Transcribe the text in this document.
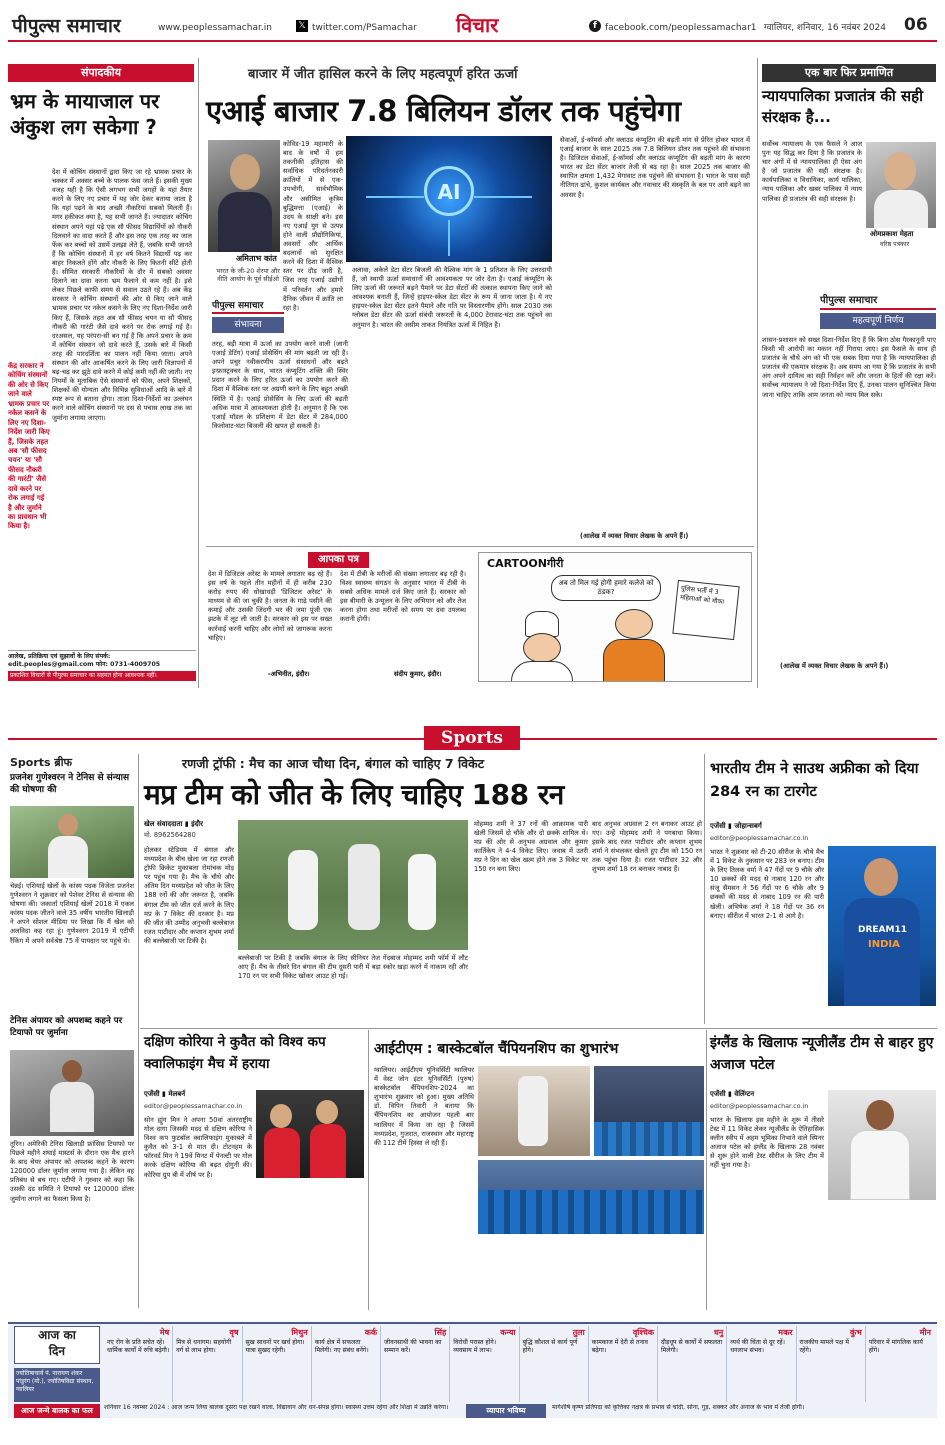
पीपुल्स समाचार	www.peoplessamachar.in	𝕏 twitter.com/PSamachar विचार	f facebook.com/peoplessamachar1 ग्वालियर, शनिवार, 16 नवंबर 2024 06
संपादकीय
भ्रम के मायाजाल पर अंकुश लग सकेगा ?
देश में कोचिंग संस्थानों द्वारा किए जा रहे भ्रामक प्रचार के चक्कर में अक्सर बच्चे के पालक फंस जाते हैं। इसकी मुख्य वजह यही है कि ऐसी लगभग सभी जगहों के यहां तैयार करने के लिए नए प्रचार में यह जोर देकर बताया जाता है कि यहां पढ़ने के बाद अच्छी नौकरियां सबको मिलती हैं। मगर हकीकत क्या है, यह सभी जानते हैं। ज्यादातर कोचिंग संस्थान अपने यहां पढ़े एक सौ फीसद विद्यार्थियों को नौकरी दिलवाने का वादा करते हैं और इस तरह एक तरह का जाल फेंक कर बच्चों को उसमें उलझा लेते हैं, जबकि सभी जानते हैं कि कोचिंग संस्थानों में हर वर्ष कितने विद्यार्थी पढ़ कर बाहर निकलते होंगे और नौकरी के लिए कितनी सीटें होती हैं। सीमित सरकारी नौकरियों के दौर में सबको अवसर दिलाने का दावा करना भ्रम फैलाने से कम नहीं है। इसे लेकर पिछले काफी समय से सवाल उठते रहे हैं। अब केंद्र सरकार ने कोचिंग संस्थानों की ओर से किए जाने वाले भ्रामक प्रचार पर नकेल कसने के लिए नए दिशा-निर्देश जारी किए हैं, जिसके तहत अब सौ फीसद चयन या सौ फीसद नौकरी की गारंटी जैसे दावे करने पर रोक लगाई गई है। दरअसल, यह परंपरा-सी बन गई है कि अपने प्रचार के क्रम में कोचिंग संस्थान जो दावे करते हैं, उसके बारे में किसी तरह की पारदर्शिता का पालन नहीं किया जाता। अपने संस्थान की ओर आकर्षित करने के लिए जारी विज्ञापनों में बढ़-चढ़ कर झूठे दावे करने में कोई कमी नहीं की जाती। नए नियमों के मुताबिक ऐसे संस्थानों को फीस, अपने शिक्षकों, शिक्षकों की योग्यता और विभिन्न सुविधाओं आदि के बारे में स्पष्ट रूप से बताना होगा। ताजा दिशा-निर्देशों का उल्लंघन करने वाले कोचिंग संस्थानों पर दस से पचास लाख तक का जुर्माना लगाया जाएगा।
केंद्र सरकार ने कोचिंग संस्थानों की ओर से किए जाने वाले भ्रामक प्रचार पर नकेल कसने के लिए नए दिशा-निर्देश जारी किए हैं, जिसके तहत अब 'सौ फीसद चयन' या 'सौ फीसद नौकरी की गारंटी' जैसे दावे करने पर रोक लगाई गई है और जुर्माने का प्रावधान भी किया है।
आलेख, प्रतिक्रिया एवं सुझावों के लिए संपर्क: edit.peoples@gmail.com फोन: 0731-4009705
प्रकाशित विचारों से पीपुल्स समाचार का सहमत होना आवश्यक नहीं।
बाजार में जीत हासिल करने के लिए महत्वपूर्ण हरित ऊर्जा
एआई बाजार 7.8 बिलियन डॉलर तक पहुंचेगा
अमिताभ कांत
भारत के जी-20 शेरपा और नीति आयोग के पूर्व सीईओ
कोविड-19 महामारी के बाद के वर्षों में हम तकनीकी इतिहास की सर्वाधिक परिवर्तनकारी क्रांतियों में से एक- उपभोगी, सार्वभौमिक और असीमित कृत्रिम बुद्धिमत्ता (एआई) के उदय के साक्षी बने। इस नए एआई युग से उत्पन्न होने वाली प्रौद्योगिकियां, अवसरों और आर्थिक बदलावों को सुरक्षित करने की दिशा में वैश्विक स्तर पर दौड़ जारी है, जिस तरह एआई उद्योगों में परिवर्तन और हमारे दैनिक जीवन में क्रांति ला रहा है।
AI
पीपुल्स समाचार
संभावना
तरह, बड़ी मात्रा में ऊर्जा का उपयोग करने वाली (जानी एआई डेटिंग) एआई प्रोसेसिंग की मांग बढ़ती जा रही है। अपने प्रचुर नवीकरणीय ऊर्जा संसाधनों और बढ़ते इन्फ्रास्ट्रक्चर के साथ, भारत कंप्यूटिंग शक्ति की स्थिर प्रदान करने के लिए हरित ऊर्जा का उपयोग करने की दिशा में वैश्विक स्तर पर अग्रणी बनने के लिए बहुत अच्छी स्थिति में है। एआई प्रोसेसिंग के लिए ऊर्जा की बढ़ती अधिक मात्रा में आवश्यकता होती है। अनुमान है कि एक एआई मॉडल के प्रशिक्षण में डेटा सेंटर में 284,000 किलोवाट-घंटा बिजली की खपत हो सकती है।
अलावा, अकेले डेटा सेंटर बिजली की वैश्विक मांग के 1 प्रतिशत के लिए उत्तरदायी हैं, जो स्थायी ऊर्जा समाधानों की आवश्यकता पर जोर देता है। एआई कंप्यूटिंग के लिए ऊर्जा की जरूरतें बढ़ने पैमाने पर डेटा सेंटरों की तत्काल स्थापना किए जाने को आवश्यक बनाती हैं, जिन्हें हाइपर-स्केल डेटा सेंटर के रूप में जाना जाता है। ये नए हाइपर-स्केल डेटा सेंटर इतने पैमाने और गति पर विस्तारणीय होंगे। साल 2030 तक ग्लोबल डेटा सेंटर की ऊर्जा संबंधी जरूरतों के 4,000 टेरावाट-घंटा तक पहुंचने का अनुमान है। भारत की असीम ताकत नियंत्रित ऊर्जा में निहित है।
सेवाओं, ई-कॉमर्स और क्लाउड कंप्यूटिंग की बढ़ती मांग से प्रेरित होकर भारत में एआई बाजार के साल 2025 तक 7.8 बिलियन डॉलर तक पहुंचने की संभावना है। डिजिटल सेवाओं, ई-कॉमर्स और क्लाउड कंप्यूटिंग की बढ़ती मांग के कारण भारत का डेटा सेंटर बाजार तेजी से बढ़ रहा है। साल 2025 तक बाजार की स्थापित क्षमता 1,432 मेगावाट तक पहुंचने की संभावना है। भारत के पास सही नीतिगत ढांचे, कुशल कार्यबल और नवाचार की संस्कृति के बल पर आगे बढ़ने का अवसर है।
(आलेख में व्यक्त विचार लेखक के अपने हैं।)
आपका पत्र
देश में डिजिटल अरेस्ट के मामले लगातार बढ़ रहे हैं। इस वर्ष के पहले तीन महीनों में ही करीब 230 करोड़ रुपए की धोखाधड़ी 'डिजिटल अरेस्ट' के माध्यम से की जा चुकी है। जनता के गाढ़े पसीने की कमाई और उसकी जिंदगी भर की जमा पूंजी एक झटके में लूट ली जाती है। सरकार को इस पर सख्त कार्रवाई करनी चाहिए और लोगों को जागरूक करना चाहिए।
-अभिनीत, इंदौर।
देश में टीबी के मरीजों की संख्या लगातार बढ़ रही है। विश्व स्वास्थ्य संगठन के अनुसार भारत में टीबी के सबसे अधिक मामले दर्ज किए जाते हैं। सरकार को इस बीमारी के उन्मूलन के लिए अभियान को और तेज करना होगा तथा मरीजों को समय पर दवा उपलब्ध करानी होगी।
संदीप कुमार, इंदौर।
CARTOONगीरी
अब तो मिल गई होगी हमारे कलेजे को ठंडक?	पुलिस भर्ती में 3 महिलाओं को मौका
एक बार फिर प्रमाणित
न्यायपालिका प्रजातंत्र की सही संरक्षक है...
सर्वोच्च न्यायालय के एक फैसले ने आज पुनः यह सिद्ध कर दिया है कि प्रजातंत्र के चार अंगों में से न्यायपालिका ही ऐसा अंग है जो प्रजातंत्र की सही संरक्षक है। कार्यपालिका व विधायिका, कार्य पालिका, न्याय पालिका और खबर पालिका में न्याय पालिका ही प्रजातंत्र की सही संरक्षक है।
ओमप्रकाश मेहता
वरिष्ठ पत्रकार
पीपुल्स समाचार
महत्वपूर्ण निर्णय
शासन-प्रशासन को सख्त दिशा-निर्देश दिए हैं कि बिना ठोस गैरकानूनी पाए किसी भी आरोपी का मकान नहीं गिराया जाए। इस फैसले के साथ ही प्रजातंत्र के चौथे अंग को भी एक सबक दिया गया है कि न्यायपालिका ही प्रजातंत्र की एकमात्र संरक्षक है। अब समय आ गया है कि प्रजातंत्र के सभी अंग अपने दायित्व का सही निर्वहन करें और जनता के हितों की रक्षा करें। सर्वोच्च न्यायालय ने जो दिशा-निर्देश दिए हैं, उनका पालन सुनिश्चित किया जाना चाहिए ताकि आम जनता को न्याय मिल सके।
(आलेख में व्यक्त विचार लेखक के अपने हैं।)
Sports
Sports ब्रीफ
प्रजनेश गुणेश्वरन ने टेनिस से संन्यास की घोषणा की
चेन्नई। एशियाई खेलों के कांस्य पदक विजेता प्रजनेश गुणेश्वरन ने शुक्रवार को पेशेवर टेनिस से संन्यास की घोषणा की। जकार्ता एशियाई खेलों 2018 में एकल कांस्य पदक जीतने वाले 35 वर्षीय भारतीय खिलाड़ी ने अपने सोशल मीडिया पर लिखा कि मैं खेल को अलविदा कह रहा हूं। गुणेश्वरन 2019 में एटीपी रैंकिंग में अपने सर्वश्रेष्ठ 75 वें पायदान पर पहुंचे थे।
टेनिस अंपायर को अपशब्द कहने पर टियाफो पर जुर्माना
तूरिन। अमेरिकी टेनिस खिलाड़ी फ्रांसिस टियाफो पर पिछले महीने शंघाई मास्टर्स के दौरान एक मैच हारने के बाद चेयर अंपायर को अपशब्द कहने के कारण 120000 डॉलर जुर्माना लगाया गया है। लेकिन वह प्रतिबंध से बच गए। एटीपी ने गुरुवार को कहा कि उसकी दंड समिति ने टियाफो पर 120000 डॉलर जुर्माना लगाने का फैसला किया है।
रणजी ट्रॉफी : मैच का आज चौथा दिन, बंगाल को चाहिए 7 विकेट
मप्र टीम को जीत के लिए चाहिए 188 रन
खेल संवाददाता ▮ इंदौर
मो. 8962564280
होलकर स्टेडियम में बंगाल और मध्यप्रदेश के बीच खेला जा रहा रणजी ट्रॉफी क्रिकेट मुकाबला रोमांचक मोड़ पर पहुंच गया है। मैच के चौथे और अंतिम दिन मध्यप्रदेश को जीत के लिए 188 रनों की और जरूरत है, जबकि बंगाल टीम को जीत दर्ज करने के लिए मप्र के 7 विकेट की दरकार है। मप्र की जीत की उम्मीद अनुभवी बल्लेबाज रजत पाटीदार और कप्तान शुभम शर्मा की बल्लेबाजी पर टिकी है।
बल्लेबाजी पर टिकी है जबकि बंगाल के लिए सीनियर तेज गेंदबाज मोहम्मद शमी फॉर्म में लौट आए हैं। मैच के तीसरे दिन बंगाल की टीम दूसरी पारी में बड़ा स्कोर खड़ा करने में नाकाम रही और 170 रन पर सभी विकेट खोकर आउट हो गई।
मोहम्मद शमी ने 37 रनों की आक्रामक पारी खेली जिसमें दो चौके और दो छक्के शामिल थे। मप्र की ओर से अनुभव अग्रवाल और कुमार कार्तिकेय ने 4-4 विकेट लिए। जवाब में उतरी मप्र ने दिन का खेल खत्म होने तक 3 विकेट पर 150 रन बना लिए।
बाद अनुभव अग्रवाल 2 रन बनाकर आउट हो गए। उन्हें मोहम्मद शमी ने पगबाधा किया। इसके बाद रजत पाटीदार और कप्तान शुभम शर्मा ने संभलकर खेलते हुए टीम को 150 रन तक पहुंचा दिया है। रजत पाटीदार 32 और शुभम शर्मा 18 रन बनाकर नाबाद हैं।
भारतीय टीम ने साउथ अफ्रीका को दिया 284 रन का टारगेट
एजेंसी ▮ जोहान्सबर्ग
editor@peoplessamachar.co.in
भारत ने शुक्रवार को टी-20 सीरीज के चौथे मैच में 1 विकेट के नुकसान पर 283 रन बनाए। टीम के लिए तिलक वर्मा ने 47 गेंदों पर 9 चौके और 10 छक्कों की मदद से नाबाद 120 रन और संजू सैमसन ने 56 गेंदों पर 6 चौके और 9 छक्कों की मदद से नाबाद 109 रन की पारी खेली। अभिषेक शर्मा ने 18 गेंदों पर 36 रन बनाए। सीरीज में भारत 2-1 से आगे है।
DREAM11
INDIA
दक्षिण कोरिया ने कुवैत को विश्व कप क्वालिफाइंग मैच में हराया
एजेंसी ▮ मेलबर्न
editor@peoplessamachar.co.in
सोन ह्युंग मिन ने अपना 50वां अंतरराष्ट्रीय गोल दागा जिसकी मदद से दक्षिण कोरिया ने विश्व कप फुटबॉल क्वालिफाइंग मुकाबले में कुवैत को 3-1 से मात दी। टोटनहम के फॉरवर्ड मिन ने 19वें मिनट में पेनल्टी पर गोल करके दक्षिण कोरिया की बढ़त दोगुनी की। कोरिया ग्रुप बी में शीर्ष पर है।
आईटीएम : बास्केटबॉल चैंपियनशिप का शुभारंभ
ग्वालियर। आईटीएम यूनिवर्सिटी ग्वालियर में वेस्ट जोन इंटर यूनिवर्सिटी (पुरुष) बास्केटबॉल चैंपियनशिप-2024 का शुभारंभ शुक्रवार को हुआ। मुख्य अतिथि डॉ. विपिन तिवारी ने बताया कि चैंपियनशिप का आयोजन पहली बार ग्वालियर में किया जा रहा है जिसमें मध्यप्रदेश, गुजरात, राजस्थान और महाराष्ट्र की 112 टीमें हिस्सा ले रही हैं।
इंग्लैंड के खिलाफ न्यूजीलैंड टीम से बाहर हुए अजाज पटेल
एजेंसी ▮ वेलिंग्टन
editor@peoplessamachar.co.in
भारत के खिलाफ इस महीने के शुरू में तीसरे टेस्ट में 11 विकेट लेकर न्यूजीलैंड के ऐतिहासिक क्लीन स्वीप में अहम भूमिका निभाने वाले स्पिनर अजाज पटेल को इंग्लैंड के खिलाफ 28 नवंबर से शुरू होने वाली टेस्ट सीरीज के लिए टीम में नहीं चुना गया है।
आज का
दिन
ज्योतिषाचार्य पं. नारायण शंकर पांडुरंग (मो.), ज्योतिषविद्या संस्थान, ग्वालियर
मेष
नए रोग के प्रति सचेत रहें। धार्मिक कार्यों में रुचि बढ़ेगी।
वृष
मित्र से धनागम। सहयोगी वर्ग से लाभ होगा।
मिथुन
सुख साधनों पर खर्च होगा। यात्रा सुखद रहेगी।
कर्क
कार्य क्षेत्र में सफलता मिलेगी। नए संबंध बनेंगे।
सिंह
जीवनसाथी की भावना का सम्मान करें।
कन्या
विरोधी परास्त होंगे। व्यवसाय में लाभ।
तुला
बुद्धि कौशल से कार्य पूर्ण होंगे।
वृश्चिक
कामकाज में देरी से तनाव बढ़ेगा।
धनु
दौड़धूप से कार्यों में सफलता मिलेगी।
मकर
व्यर्थ की चिंता से दूर रहें। धनलाभ संभव।
कुंभ
राजकीय मामले पक्ष में रहेंगे।
मीन
परिवार में मांगलिक कार्य होंगे।
आज जन्मे बालक का फल	शनिवार 16 नवम्बर 2024 : आज जन्म लिया बालक दूसरा पक्ष रखने वाला, विद्यावान और धन-संपन्न होगा। स्वास्थ्य उत्तम रहेगा और शिक्षा में उन्नति करेगा।	व्यापार भविष्य	मार्गशीर्ष कृष्ण प्रतिपदा को कृत्तिका नक्षत्र के प्रभाव से चांदी, सोना, गुड़, शक्कर और अनाज के भाव में तेजी होगी।
